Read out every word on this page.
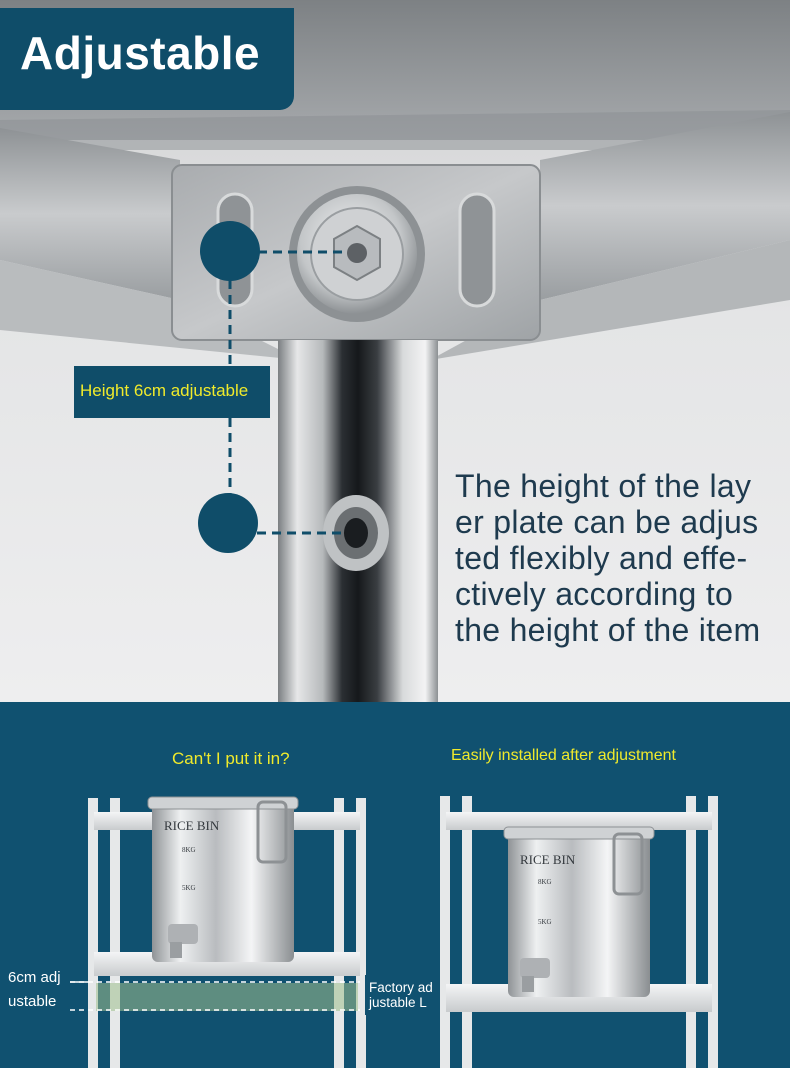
Adjustable
Height 6cm adjustable
The height of the lay
er plate can be adjus
ted flexibly and effe-
ctively according to
the height of the item
RICE BIN
8KG
5KG
RICE BIN
8KG
5KG
Can't I put it in?	Easily installed after adjustment
6cm adj
ustable
Factory ad
justable L
